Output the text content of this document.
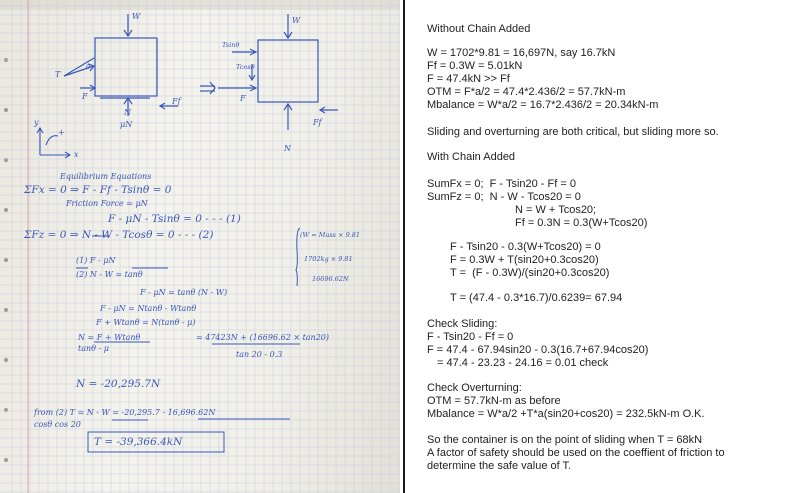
W
T
θ
F
μN
Ff
N
W
Tsinθ
Tcosθ
F
Ff
N
+
x
y
Equilibrium Equations
ΣFx = 0 ⇒ F - Ff - Tsinθ = 0
Friction Force = μN
F - μN - Tsinθ = 0 - - - (1)
ΣFz = 0 ⇒ N - W - Tcosθ = 0 - - - (2)
(1) F - μN
(2) N - W = tanθ
F - μN = tanθ (N - W)
F - μN = Ntanθ - Wtanθ
F + Wtanθ = N(tanθ - μ)
N = F + Wtanθ
tanθ - μ
= 47423N + (16696.62 × tan20)
tan 20 - 0.3
N = -20,295.7N
from (2) T = N - W = -20,295.7 - 16,696.62N
cosθ cos 20
T = -39,366.4kN
(W = Mass × 9.81
1702kg × 9.81
16696.62N
Without Chain Added
W = 1702*9.81 = 16,697N, say 16.7kN
Ff = 0.3W = 5.01kN
F = 47.4kN >> Ff
OTM = F*a/2 = 47.4*2.436/2 = 57.7kN-m
Mbalance = W*a/2 = 16.7*2.436/2 = 20.34kN-m
Sliding and overturning are both critical, but sliding more so.
With Chain Added
SumFx = 0;  F - Tsin20 - Ff = 0
SumFz = 0;  N - W - Tcos20 = 0
N = W + Tcos20;
Ff = 0.3N = 0.3(W+Tcos20)
F - Tsin20 - 0.3(W+Tcos20) = 0
F = 0.3W + T(sin20+0.3cos20)
T =  (F - 0.3W)/(sin20+0.3cos20)
T = (47.4 - 0.3*16.7)/0.6239= 67.94
Check Sliding:
F - Tsin20 - Ff = 0
F = 47.4 - 67.94sin20 - 0.3(16.7+67.94cos20)
= 47.4 - 23.23 - 24.16 = 0.01 check
Check Overturning:
OTM = 57.7kN-m as before
Mbalance = W*a/2 +T*a(sin20+cos20) = 232.5kN-m O.K.
So the container is on the point of sliding when T = 68kN
A factor of safety should be used on the coeffient of friction to
determine the safe value of T.
